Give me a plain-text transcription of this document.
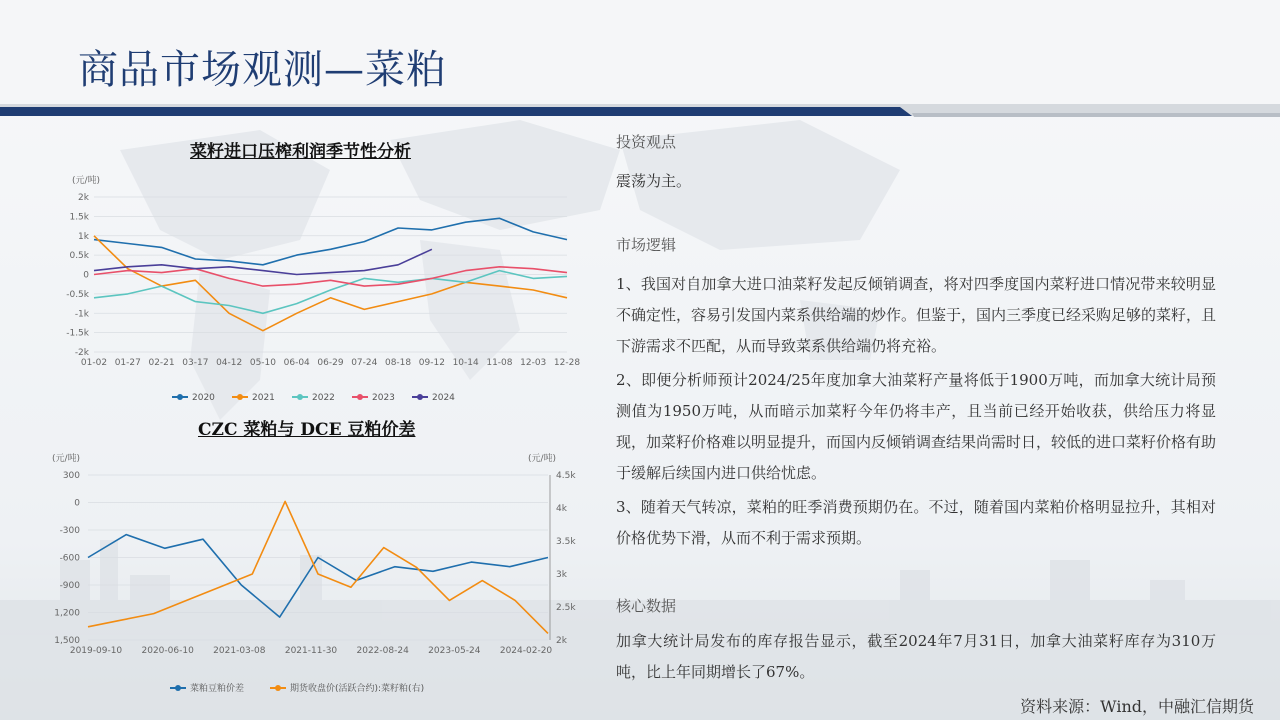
商品市场观测—菜粕
菜籽进口压榨利润季节性分析
(元/吨)
2k
1.5k
1k
0.5k
0
-0.5k
-1k
-1.5k
-2k
01-02 01-27 02-21 03-17 04-12 05-10 06-04 06-29 07-24 08-18 09-12 10-14 11-08 12-03 12-28
2020	2021	2022	2023	2024
CZC 菜粕与 DCE 豆粕价差
(元/吨)	(元/吨)
300
0
-300
-600
-900
1,200
1,500
4.5k
4k
3.5k
3k
2.5k
2k
2019-09-10 2020-06-10 2021-03-08 2021-11-30 2022-08-24 2023-05-24 2024-02-20
菜粕豆粕价差	期货收盘价(活跃合约):菜籽粕(右)
投资观点

震荡为主。

市场逻辑

1、我国对自加拿大进口油菜籽发起反倾销调查，将对四季度国内菜籽进口情况带来较明显不确定性，容易引发国内菜系供给端的炒作。但鉴于，国内三季度已经采购足够的菜籽，且下游需求不匹配，从而导致菜系供给端仍将充裕。

2、即便分析师预计2024/25年度加拿大油菜籽产量将低于1900万吨，而加拿大统计局预测值为1950万吨，从而暗示加菜籽今年仍将丰产，且当前已经开始收获，供给压力将显现，加菜籽价格难以明显提升，而国内反倾销调查结果尚需时日，较低的进口菜籽价格有助于缓解后续国内进口供给忧虑。

3、随着天气转凉，菜粕的旺季消费预期仍在。不过，随着国内菜粕价格明显拉升，其相对价格优势下滑，从而不利于需求预期。

核心数据

加拿大统计局发布的库存报告显示，截至2024年7月31日，加拿大油菜籽库存为310万吨，比上年同期增长了67%。

资料来源：Wind，中融汇信期货
